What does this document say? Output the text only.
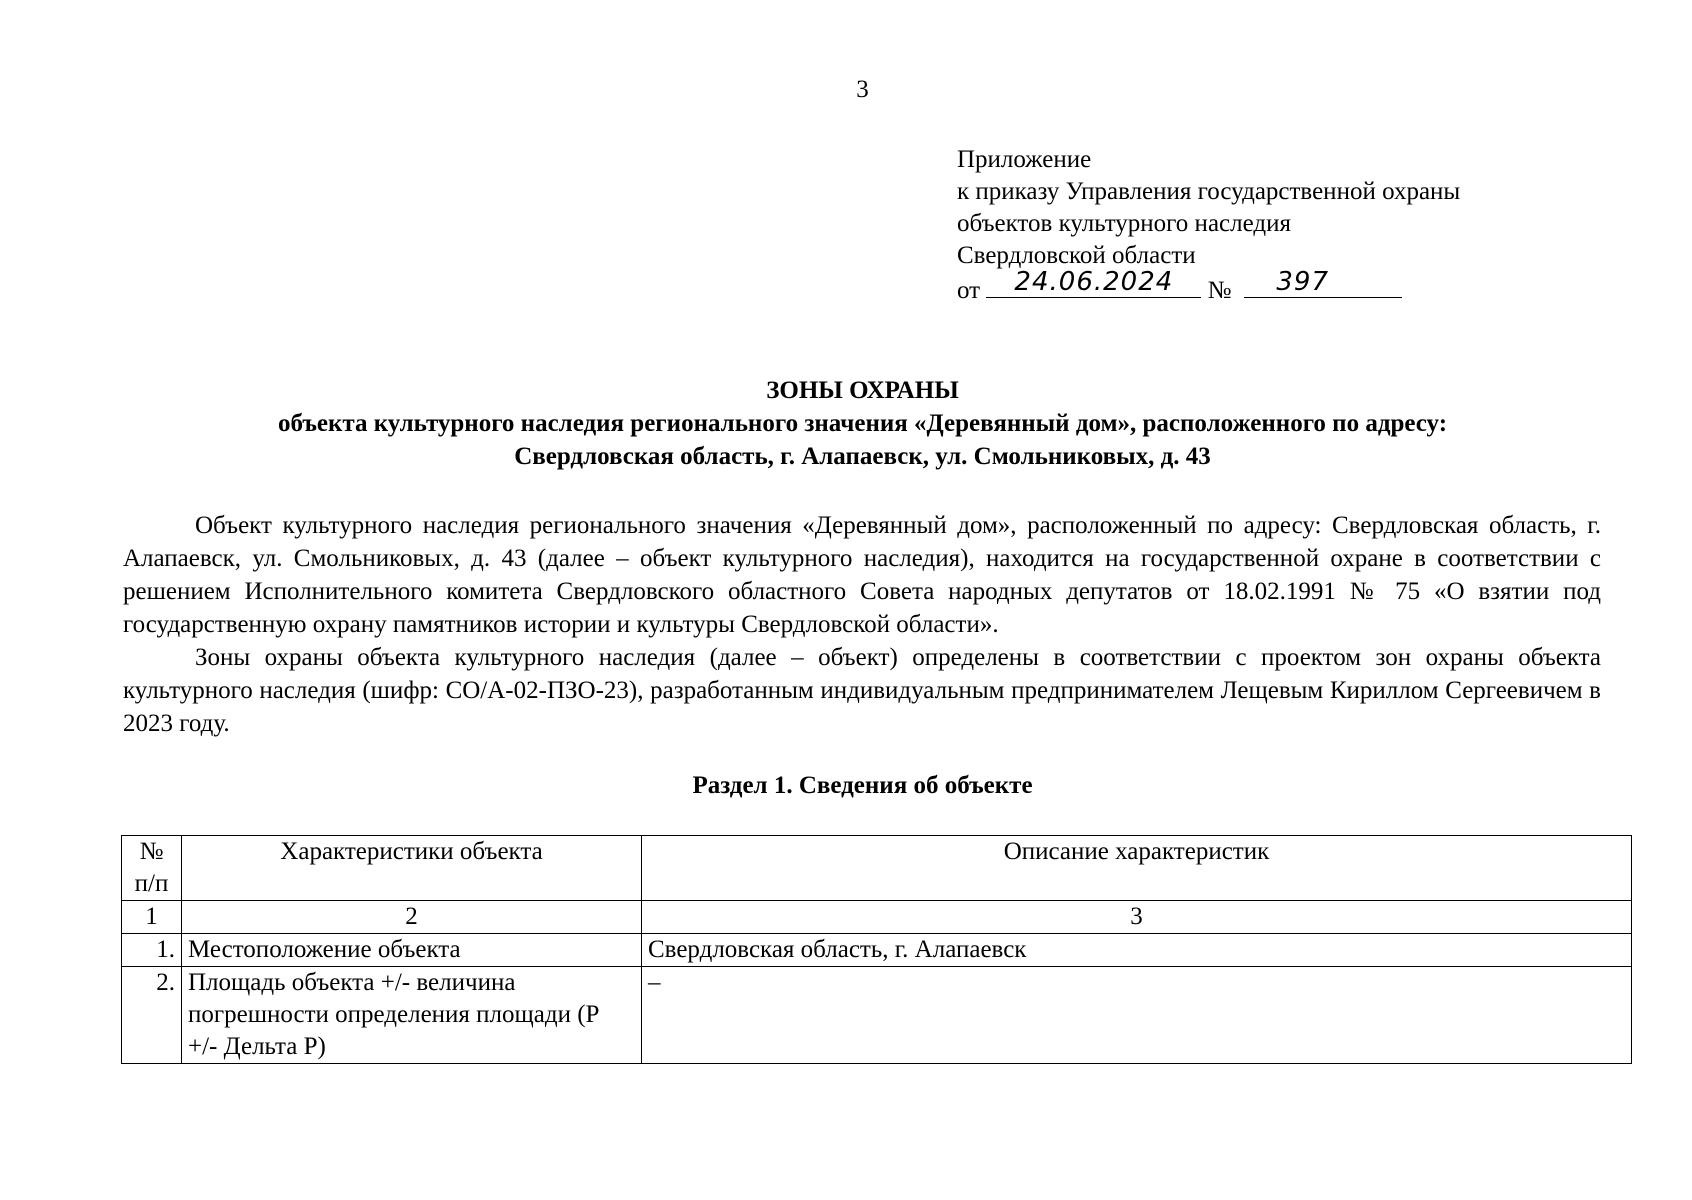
3
Приложение
к приказу Управления государственной охраны
объектов культурного наследия
Свердловской области
от	24.06.2024	№	397
ЗОНЫ ОХРАНЫ
объекта культурного наследия регионального значения «Деревянный дом», расположенного по адресу:
Свердловская область, г. Алапаевск, ул. Смольниковых, д. 43

Объект культурного наследия регионального значения «Деревянный дом», расположенный по адресу: Свердловская область, г. Алапаевск, ул. Смольниковых, д. 43 (далее – объект культурного наследия), находится на государственной охране в соответствии с решением Исполнительного комитета Свердловского областного Совета народных депутатов от 18.02.1991 № 75 «О взятии под государственную охрану памятников истории и культуры Свердловской области».

Зоны охраны объекта культурного наследия (далее – объект) определены в соответствии с проектом зон охраны объекта культурного наследия (шифр: СО/А-02-ПЗО-23), разработанным индивидуальным предпринимателем Лещевым Кириллом Сергеевичем в 2023 году.

Раздел 1. Сведения об объекте
№ п/п	Характеристики объекта	Описание характеристик
1	2	3
1.	Местоположение объекта	Свердловская область, г. Алапаевск
2.	Площадь объекта +/- величина погрешности определения площади (Р +/- Дельта Р)	–
